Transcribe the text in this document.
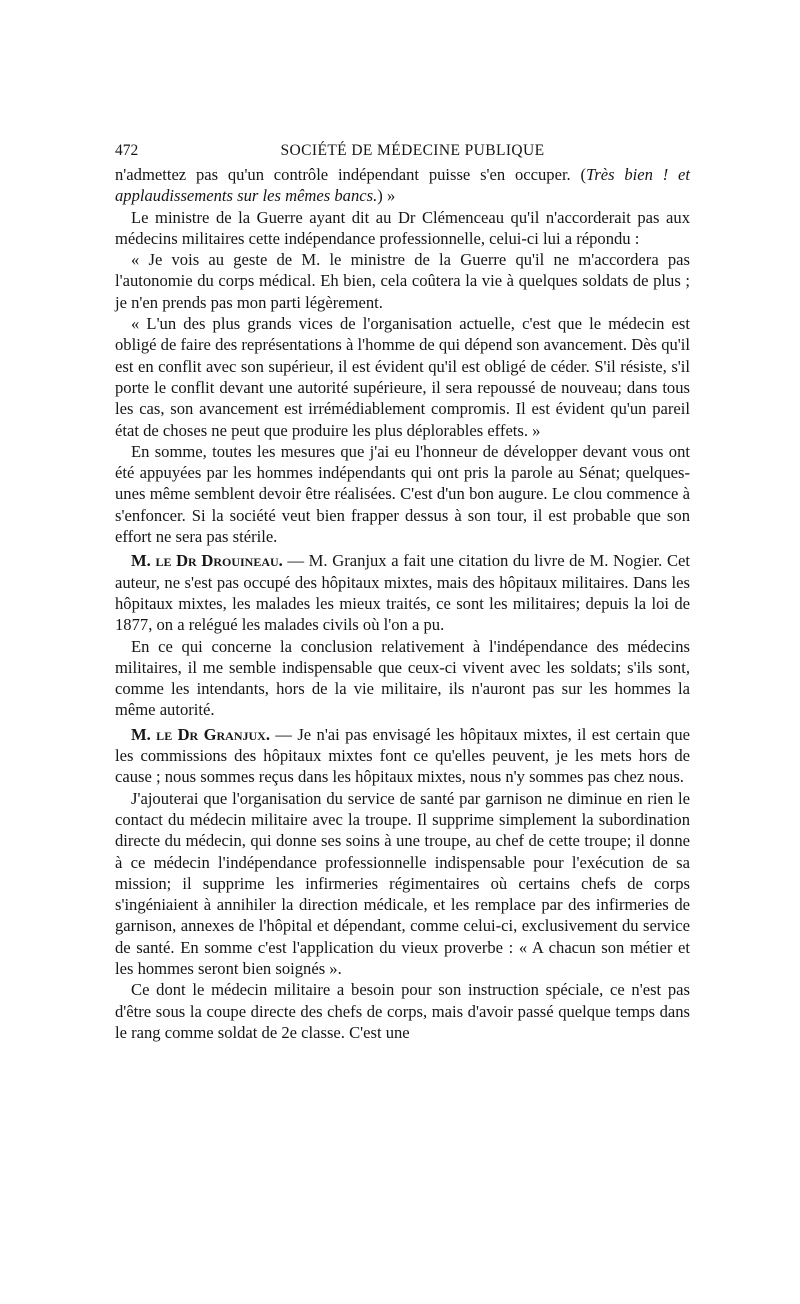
472	SOCIÉTÉ DE MÉDECINE PUBLIQUE

n'admettez pas qu'un contrôle indépendant puisse s'en occuper. (Très bien ! et applaudissements sur les mêmes bancs.) »

Le ministre de la Guerre ayant dit au Dr Clémenceau qu'il n'accorderait pas aux médecins militaires cette indépendance professionnelle, celui-ci lui a répondu :

« Je vois au geste de M. le ministre de la Guerre qu'il ne m'accordera pas l'autonomie du corps médical. Eh bien, cela coûtera la vie à quelques soldats de plus ; je n'en prends pas mon parti légèrement.

« L'un des plus grands vices de l'organisation actuelle, c'est que le médecin est obligé de faire des représentations à l'homme de qui dépend son avancement. Dès qu'il est en conflit avec son supérieur, il est évident qu'il est obligé de céder. S'il résiste, s'il porte le conflit devant une autorité supérieure, il sera repoussé de nouveau; dans tous les cas, son avancement est irrémédiablement compromis. Il est évident qu'un pareil état de choses ne peut que produire les plus déplorables effets. »

En somme, toutes les mesures que j'ai eu l'honneur de développer devant vous ont été appuyées par les hommes indépendants qui ont pris la parole au Sénat; quelques-unes même semblent devoir être réalisées. C'est d'un bon augure. Le clou commence à s'enfoncer. Si la société veut bien frapper dessus à son tour, il est probable que son effort ne sera pas stérile.

M. le Dr Drouineau. — M. Granjux a fait une citation du livre de M. Nogier. Cet auteur, ne s'est pas occupé des hôpitaux mixtes, mais des hôpitaux militaires. Dans les hôpitaux mixtes, les malades les mieux traités, ce sont les militaires; depuis la loi de 1877, on a relégué les malades civils où l'on a pu.

En ce qui concerne la conclusion relativement à l'indépendance des médecins militaires, il me semble indispensable que ceux-ci vivent avec les soldats; s'ils sont, comme les intendants, hors de la vie militaire, ils n'auront pas sur les hommes la même autorité.

M. le Dr Granjux. — Je n'ai pas envisagé les hôpitaux mixtes, il est certain que les commissions des hôpitaux mixtes font ce qu'elles peuvent, je les mets hors de cause ; nous sommes reçus dans les hôpitaux mixtes, nous n'y sommes pas chez nous.

J'ajouterai que l'organisation du service de santé par garnison ne diminue en rien le contact du médecin militaire avec la troupe. Il supprime simplement la subordination directe du médecin, qui donne ses soins à une troupe, au chef de cette troupe; il donne à ce médecin l'indépendance professionnelle indispensable pour l'exécution de sa mission; il supprime les infirmeries régimentaires où certains chefs de corps s'ingéniaient à annihiler la direction médicale, et les remplace par des infirmeries de garnison, annexes de l'hôpital et dépendant, comme celui-ci, exclusivement du service de santé. En somme c'est l'application du vieux proverbe : « A chacun son métier et les hommes seront bien soignés ».

Ce dont le médecin militaire a besoin pour son instruction spéciale, ce n'est pas d'être sous la coupe directe des chefs de corps, mais d'avoir passé quelque temps dans le rang comme soldat de 2e classe. C'est une
